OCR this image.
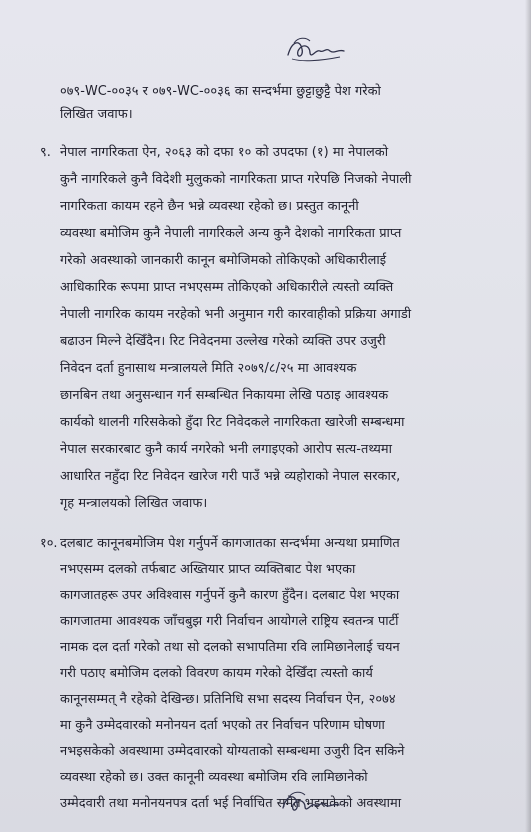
०७९-WC-००३५ र ०७९-WC-००३६ का सन्दर्भमा छुट्टाछुट्टै पेश गरेको
लिखित जवाफ।
९. नेपाल नागरिकता ऐन, २०६३ को दफा १० को उपदफा (१) मा नेपालको
कुनै नागरिकले कुनै विदेशी मुलुकको नागरिकता प्राप्त गरेपछि निजको नेपाली
नागरिकता कायम रहने छैन भन्ने व्यवस्था रहेको छ। प्रस्तुत कानूनी
व्यवस्था बमोजिम कुनै नेपाली नागरिकले अन्य कुनै देशको नागरिकता प्राप्त
गरेको अवस्थाको जानकारी कानून बमोजिमको तोकिएको अधिकारीलाई
आधिकारिक रूपमा प्राप्त नभएसम्म तोकिएको अधिकारीले त्यस्तो व्यक्ति
नेपाली नागरिक कायम नरहेको भनी अनुमान गरी कारवाहीको प्रक्रिया अगाडी
बढाउन मिल्ने देखिँदैन। रिट निवेदनमा उल्लेख गरेको व्यक्ति उपर उजुरी
निवेदन दर्ता हुनासाथ मन्त्रालयले मिति २०७९/८/२५ मा आवश्यक
छानबिन तथा अनुसन्धान गर्न सम्बन्धित निकायमा लेखि पठाइ आवश्यक
कार्यको थालनी गरिसकेको हुँदा रिट निवेदकले नागरिकता खारेजी सम्बन्धमा
नेपाल सरकारबाट कुनै कार्य नगरेको भनी लगाइएको आरोप सत्य-तथ्यमा
आधारित नहुँदा रिट निवेदन खारेज गरी पाउँ भन्ने व्यहोराको नेपाल सरकार,
गृह मन्त्रालयको लिखित जवाफ।
१०. दलबाट कानूनबमोजिम पेश गर्नुपर्ने कागजातका सन्दर्भमा अन्यथा प्रमाणित
नभएसम्म दलको तर्फबाट अख्तियार प्राप्त व्यक्तिबाट पेश भएका
कागजातहरू उपर अविश्वास गर्नुपर्ने कुनै कारण हुँदैन। दलबाट पेश भएका
कागजातमा आवश्यक जाँचबुझ गरी निर्वाचन आयोगले राष्ट्रिय स्वतन्त्र पार्टी
नामक दल दर्ता गरेको तथा सो दलको सभापतिमा रवि लामिछानेलाई चयन
गरी पठाए बमोजिम दलको विवरण कायम गरेको देखिँदा त्यस्तो कार्य
कानूनसम्मत् नै रहेको देखिन्छ। प्रतिनिधि सभा सदस्य निर्वाचन ऐन, २०७४
मा कुनै उम्मेदवारको मनोनयन दर्ता भएको तर निर्वाचन परिणाम घोषणा
नभइसकेको अवस्थामा उम्मेदवारको योग्यताको सम्बन्धमा उजुरी दिन सकिने
व्यवस्था रहेको छ। उक्त कानूनी व्यवस्था बमोजिम रवि लामिछानेको
उम्मेदवारी तथा मनोनयनपत्र दर्ता भई निर्वाचित समेत भइसकेको अवस्थामा
